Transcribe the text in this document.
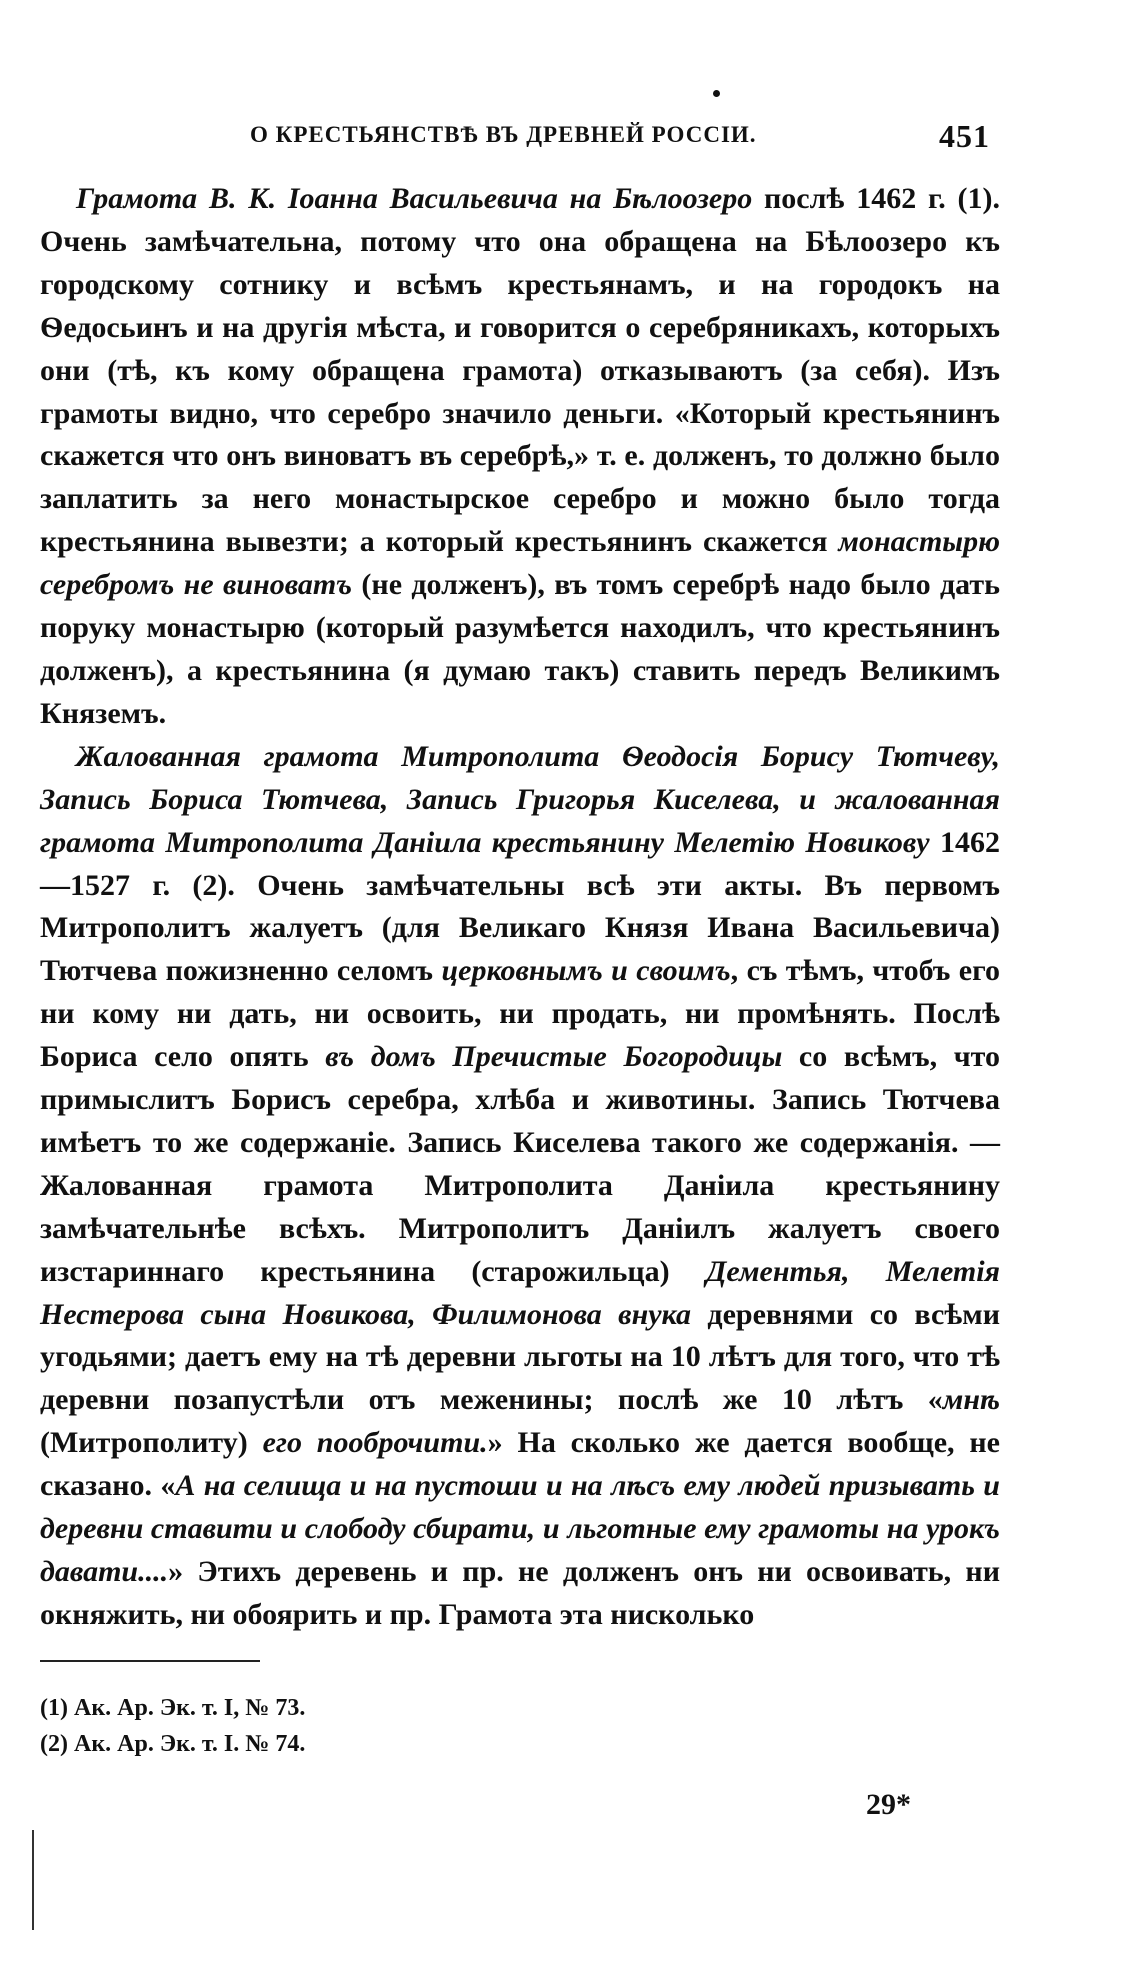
О КРЕСТЬЯНСТВѢ ВЪ ДРЕВНЕЙ РОССІИ.	451

Грамота В. К. Іоанна Васильевича на Бѣлоозеро послѣ 1462 г. (1). Очень замѣчательна, потому что она обращена на Бѣлоозеро къ городскому сотнику и всѣмъ крестьянамъ, и на городокъ на Ѳедосьинъ и на другія мѣста, и говорится о серебряникахъ, которыхъ они (тѣ, къ кому обращена грамота) отказываютъ (за себя). Изъ грамоты видно, что серебро значило деньги. «Который крестьянинъ скажется что онъ виноватъ въ серебрѣ,» т. е. долженъ, то должно было заплатить за него монастырское серебро и можно было тогда крестьянина вывезти; а который крестьянинъ скажется монастырю серебромъ не виноватъ (не долженъ), въ томъ серебрѣ надо было дать поруку монастырю (который разумѣется находилъ, что крестьянинъ долженъ), а крестьянина (я думаю такъ) ставить передъ Великимъ Княземъ.

Жалованная грамота Митрополита Ѳеодосія Борису Тютчеву, Запись Бориса Тютчева, Запись Григорья Киселева, и жалованная грамота Митрополита Даніила крестьянину Мелетію Новикову 1462—1527 г. (2). Очень замѣчательны всѣ эти акты. Въ первомъ Митрополитъ жалуетъ (для Великаго Князя Ивана Васильевича) Тютчева пожизненно селомъ церковнымъ и своимъ, съ тѣмъ, чтобъ его ни кому ни дать, ни освоить, ни продать, ни промѣнять. Послѣ Бориса село опять въ домъ Пречистые Богородицы со всѣмъ, что примыслитъ Борисъ серебра, хлѣба и животины. Запись Тютчева имѣетъ то же содержаніе. Запись Киселева такого же содержанія. — Жалованная грамота Митрополита Даніила крестьянину замѣчательнѣе всѣхъ. Митрополитъ Даніилъ жалуетъ своего изстариннаго крестьянина (старожильца) Дементья, Мелетія Нестерова сына Новикова, Филимонова внука деревнями со всѣми угодьями; даетъ ему на тѣ деревни льготы на 10 лѣтъ для того, что тѣ деревни позапустѣли отъ меженины; послѣ же 10 лѣтъ «мнѣ (Митрополиту) его пооброчити.» На сколько же дается вообще, не сказано. «А на селища и на пустоши и на лѣсъ ему людей призывать и деревни ставити и слободу сбирати, и льготные ему грамоты на урокъ давати....» Этихъ деревень и пр. не долженъ онъ ни освоивать, ни окняжить, ни обоярить и пр. Грамота эта нисколько

(1) Ак. Ар. Эк. т. I, № 73.
(2) Ак. Ар. Эк. т. I. № 74.
29*
